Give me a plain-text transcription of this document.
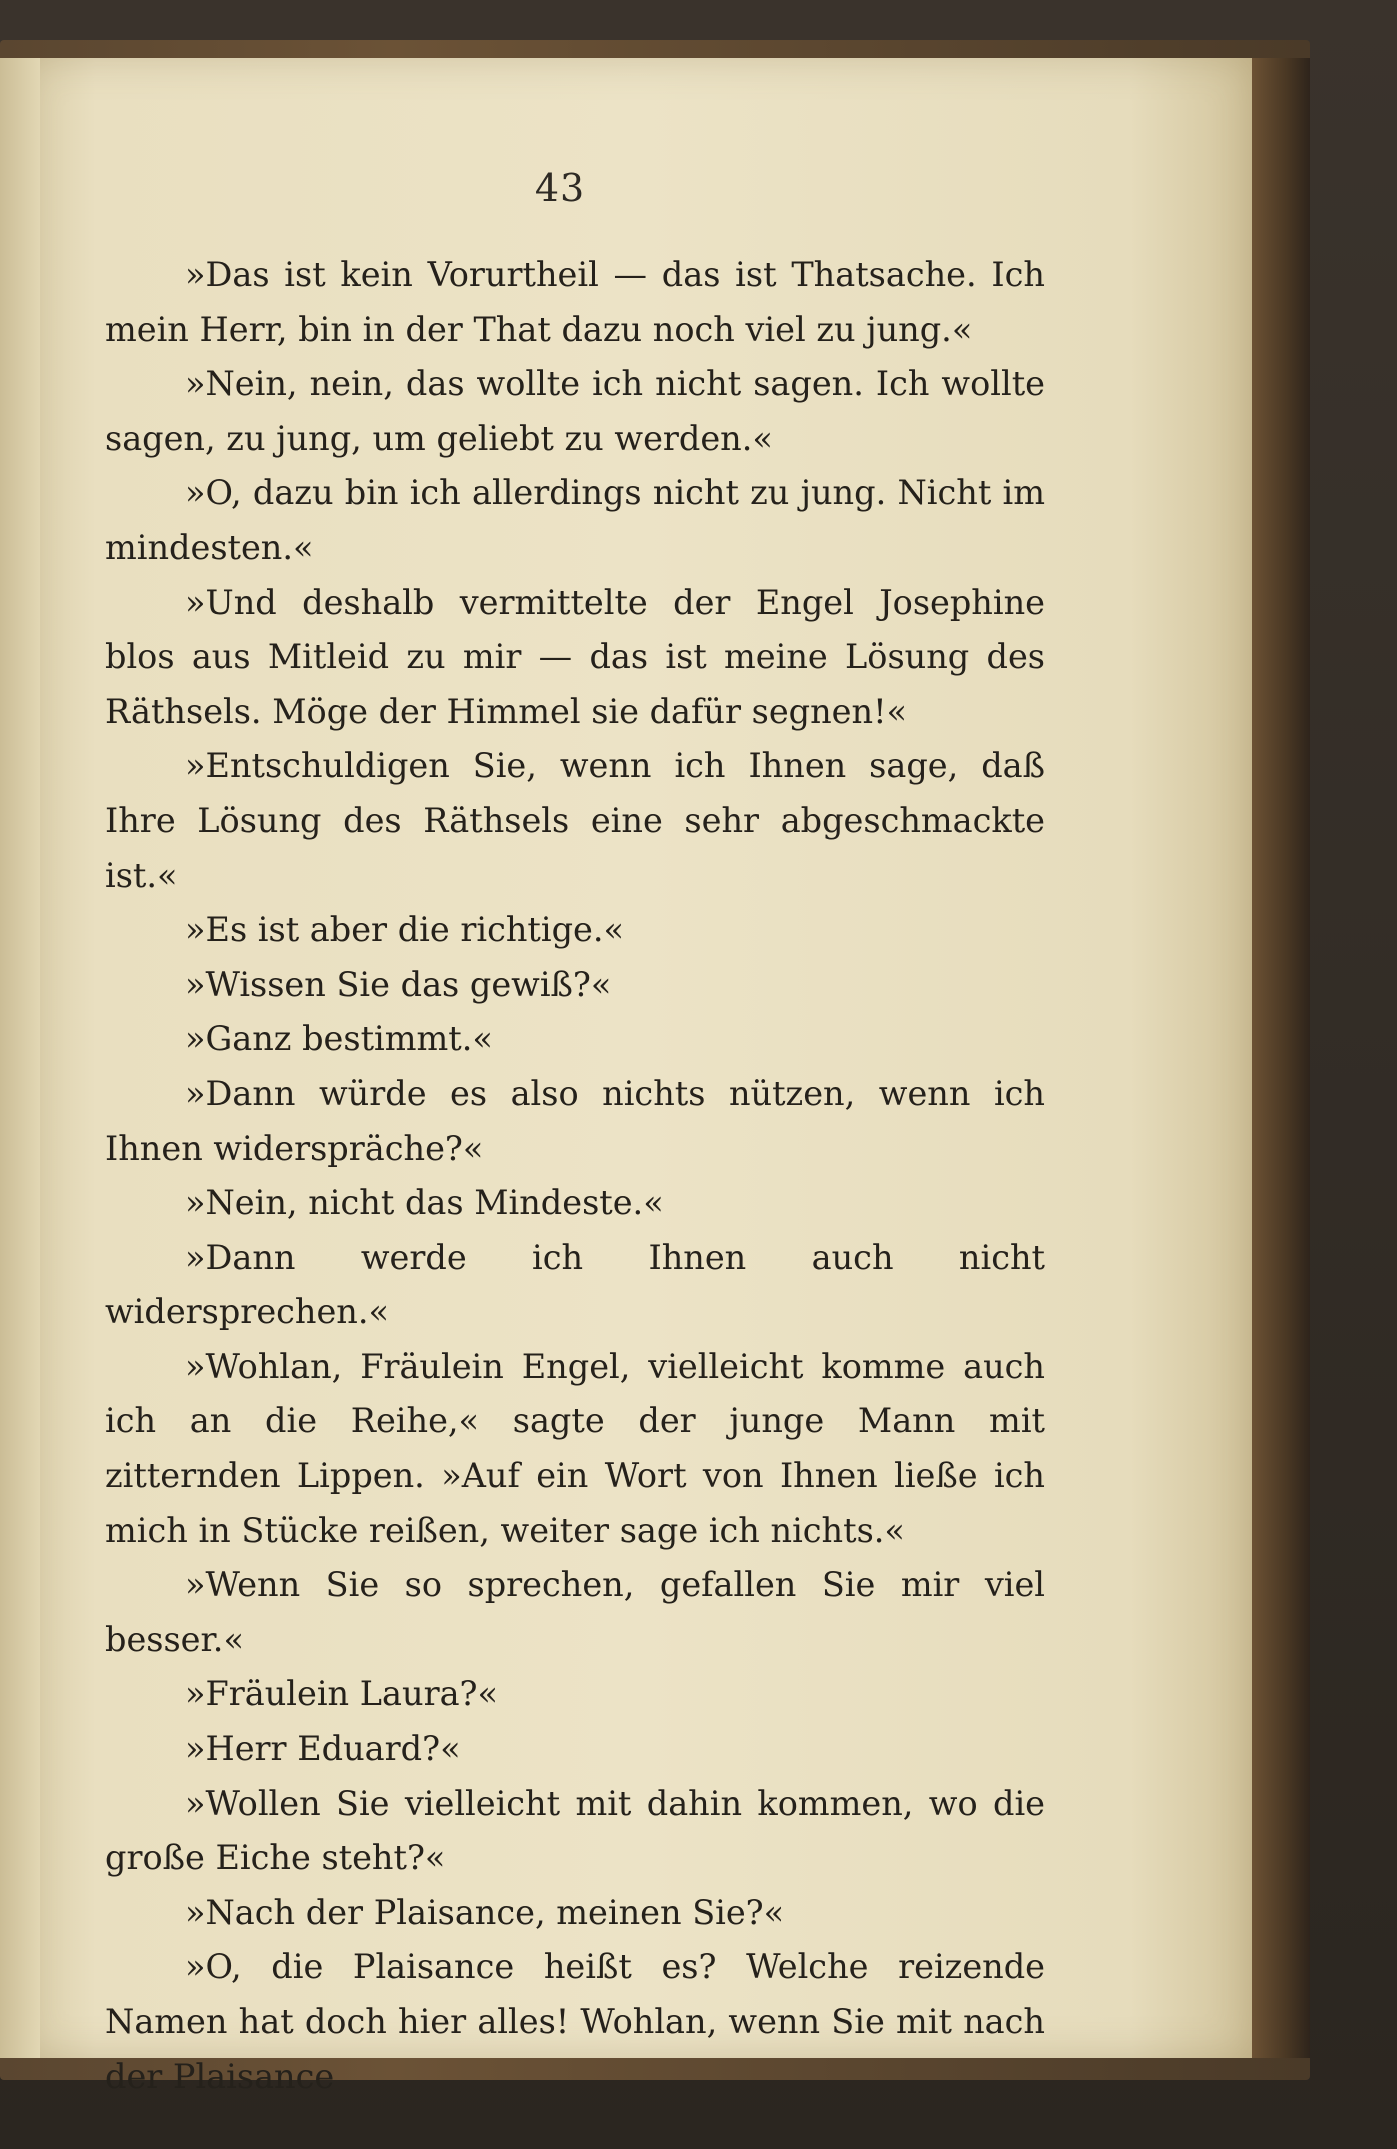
43

»Das ist kein Vorurtheil — das ist Thatsache. Ich mein Herr, bin in der That dazu noch viel zu jung.«

»Nein, nein, das wollte ich nicht sagen. Ich wollte sagen, zu jung, um geliebt zu werden.«

»O, dazu bin ich allerdings nicht zu jung. Nicht im mindesten.«

»Und deshalb vermittelte der Engel Josephine blos aus Mitleid zu mir — das ist meine Lösung des Räthsels. Möge der Himmel sie dafür segnen!«

»Entschuldigen Sie, wenn ich Ihnen sage, daß Ihre Lösung des Räthsels eine sehr abgeschmackte ist.«

»Es ist aber die richtige.«

»Wissen Sie das gewiß?«

»Ganz bestimmt.«

»Dann würde es also nichts nützen, wenn ich Ihnen widerspräche?«

»Nein, nicht das Mindeste.«

»Dann werde ich Ihnen auch nicht widersprechen.«

»Wohlan, Fräulein Engel, vielleicht komme auch ich an die Reihe,« sagte der junge Mann mit zitternden Lippen. »Auf ein Wort von Ihnen ließe ich mich in Stücke reißen, weiter sage ich nichts.«

»Wenn Sie so sprechen, gefallen Sie mir viel besser.«

»Fräulein Laura?«

»Herr Eduard?«

»Wollen Sie vielleicht mit dahin kommen, wo die große Eiche steht?«

»Nach der Plaisance, meinen Sie?«

»O, die Plaisance heißt es? Welche reizende Namen hat doch hier alles! Wohlan, wenn Sie mit nach der Plaisance
